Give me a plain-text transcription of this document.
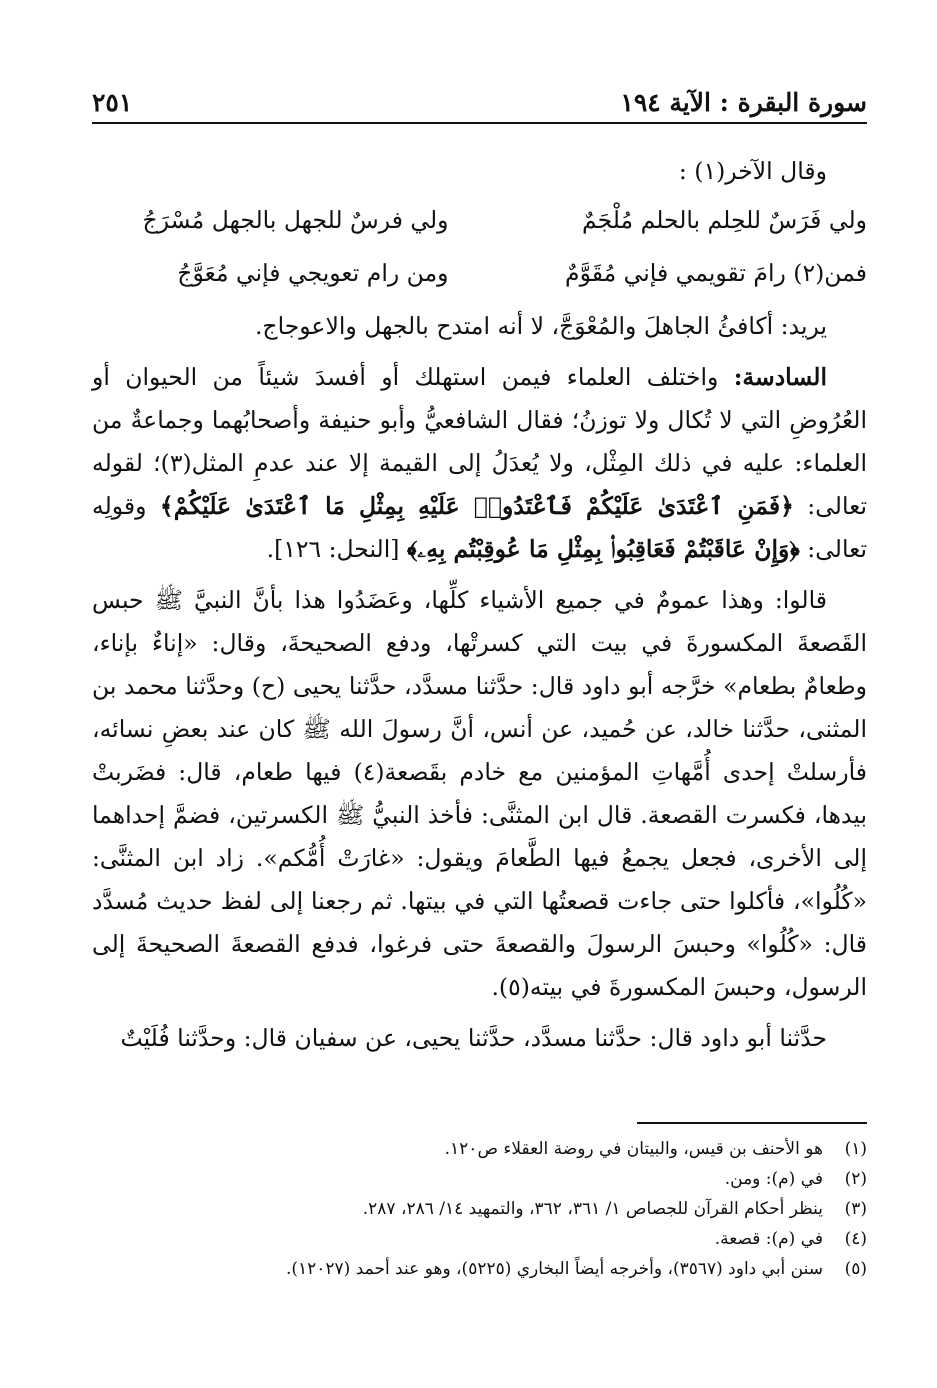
سورة البقرة : الآية ١٩٤
٢٥١

وقال الآخر(١) :

ولي فَرَسٌ للحِلم بالحلم مُلْجَمٌ
ولي فرسٌ للجهل بالجهل مُسْرَجُ
فمن(٢) رامَ تقويمي فإني مُقَوَّمٌ
ومن رام تعويجي فإني مُعَوَّجُ

يريد: أكافئُ الجاهلَ والمُعْوَجَّ، لا أنه امتدح بالجهل والاعوجاج.

السادسة: واختلف العلماء فيمن استهلك أو أفسدَ شيئاً من الحيوان أو العُرُوضِ التي لا تُكال ولا توزنُ؛ فقال الشافعيُّ وأبو حنيفة وأصحابُهما وجماعةٌ من العلماء: عليه في ذلك المِثْل، ولا يُعدَلُ إلى القيمة إلا عند عدمِ المثل(٣)؛ لقوله تعالى: ﴿فَمَنِ ٱعْتَدَىٰ عَلَيْكُمْ فَٱعْتَدُوا۟ عَلَيْهِ بِمِثْلِ مَا ٱعْتَدَىٰ عَلَيْكُمْ﴾ وقولِه تعالى: ﴿وَإِنْ عَاقَبْتُمْ فَعَاقِبُوا۟ بِمِثْلِ مَا عُوقِبْتُم بِهِۦ﴾ [النحل: ١٢٦].

قالوا: وهذا عمومٌ في جميع الأشياء كلِّها، وعَضَدُوا هذا بأنَّ النبيَّ ﷺ حبس القَصعةَ المكسورةَ في بيت التي كسرتْها، ودفع الصحيحةَ، وقال: «إناءٌ بإناء، وطعامٌ بطعام» خرَّجه أبو داود قال: حدَّثنا مسدَّد، حدَّثنا يحيى (ح) وحدَّثنا محمد بن المثنى، حدَّثنا خالد، عن حُميد، عن أنس، أنَّ رسولَ الله ﷺ كان عند بعضِ نسائه، فأرسلتْ إحدى أُمَّهاتِ المؤمنين مع خادم بقَصعة(٤) فيها طعام، قال: فضَربتْ بيدها، فكسرت القصعة. قال ابن المثنَّى: فأخذ النبيُّ ﷺ الكسرتين، فضمَّ إحداهما إلى الأخرى، فجعل يجمعُ فيها الطَّعامَ ويقول: «غارَتْ أُمُّكم». زاد ابن المثنَّى: «كُلُوا»، فأكلوا حتى جاءت قصعتُها التي في بيتها. ثم رجعنا إلى لفظ حديث مُسدَّد قال: «كُلُوا» وحبسَ الرسولَ والقصعةَ حتى فرغوا، فدفع القصعةَ الصحيحةَ إلى الرسول، وحبسَ المكسورةَ في بيته(٥).

حدَّثنا أبو داود قال: حدَّثنا مسدَّد، حدَّثنا يحيى، عن سفيان قال: وحدَّثنا فُلَيْتٌ

(١)
هو الأحنف بن قيس، والبيتان في روضة العقلاء ص١٢٠.
(٢)
في (م): ومن.
(٣)
ينظر أحكام القرآن للجصاص ١/ ٣٦١، ٣٦٢، والتمهيد ١٤/ ٢٨٦، ٢٨٧.
(٤)
في (م): قصعة.
(٥)
سنن أبي داود (٣٥٦٧)، وأخرجه أيضاً البخاري (٥٢٢٥)، وهو عند أحمد (١٢٠٢٧).
